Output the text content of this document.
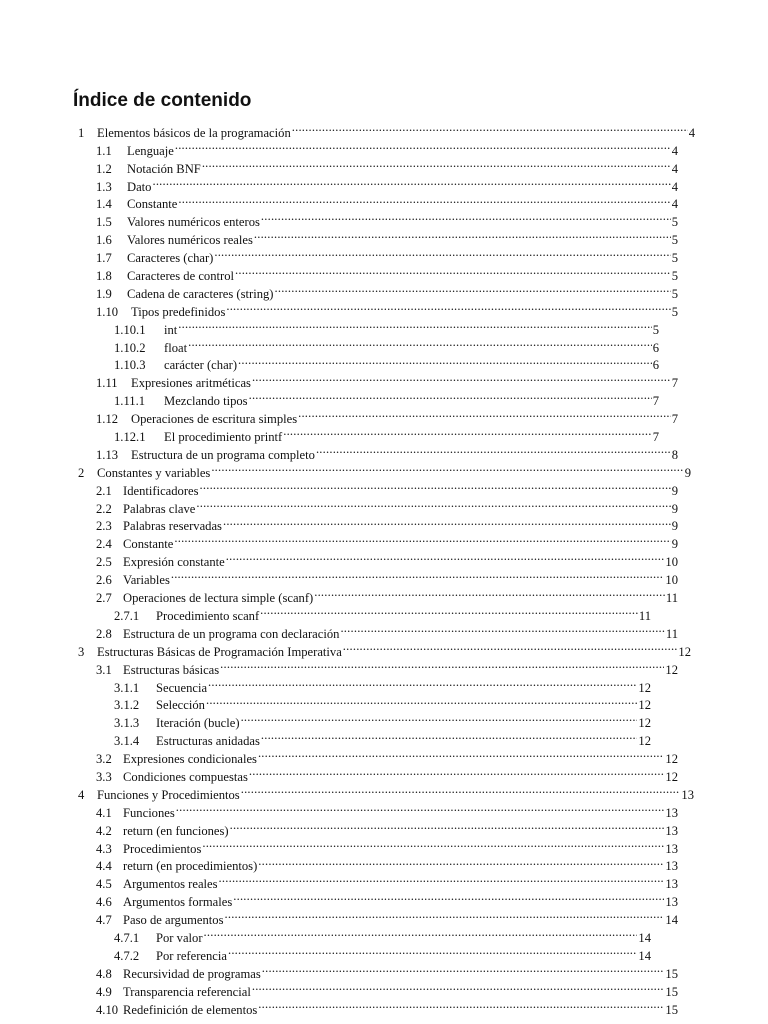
Índice de contenido
1	Elementos básicos de la programación .....	4
1.1	Lenguaje .....	4
1.2	Notación BNF .....	4
1.3	Dato .....	4
1.4	Constante .....	4
1.5	Valores numéricos enteros .....	5
1.6	Valores numéricos reales .....	5
1.7	Caracteres (char) .....	5
1.8	Caracteres de control .....	5
1.9	Cadena de caracteres (string) .....	5
1.10	Tipos predefinidos .....	5
1.10.1	int .....	5
1.10.2	float .....	6
1.10.3	carácter (char) .....	6
1.11	Expresiones aritméticas .....	7
1.11.1	Mezclando tipos .....	7
1.12	Operaciones de escritura simples .....	7
1.12.1	El procedimiento printf .....	7
1.13	Estructura de un programa completo .....	8
2	Constantes y variables .....	9
2.1 Identificadores .....	9
2.2 Palabras clave .....	9
2.3 Palabras reservadas .....	9
2.4 Constante .....	9
2.5 Expresión constante .....	10
2.6 Variables .....	10
2.7 Operaciones de lectura simple (scanf) .....	11
2.7.1	Procedimiento scanf .....	11
2.8 Estructura de un programa con declaración .....	11
3	Estructuras Básicas de Programación Imperativa .....	12
3.1 Estructuras básicas .....	12
3.1.1	Secuencia .....	12
3.1.2	Selección .....	12
3.1.3	Iteración (bucle) .....	12
3.1.4	Estructuras anidadas .....	12
3.2 Expresiones condicionales .....	12
3.3 Condiciones compuestas .....	12
4	Funciones y Procedimientos .....	13
4.1 Funciones .....	13
4.2 return (en funciones) .....	13
4.3 Procedimientos .....	13
4.4 return (en procedimientos) .....	13
4.5 Argumentos reales .....	13
4.6 Argumentos formales .....	13
4.7 Paso de argumentos .....	14
4.7.1	Por valor .....	14
4.7.2	Por referencia .....	14
4.8 Recursividad de programas .....	15
4.9 Transparencia referencial .....	15
4.10 Redefinición de elementos .....	15
